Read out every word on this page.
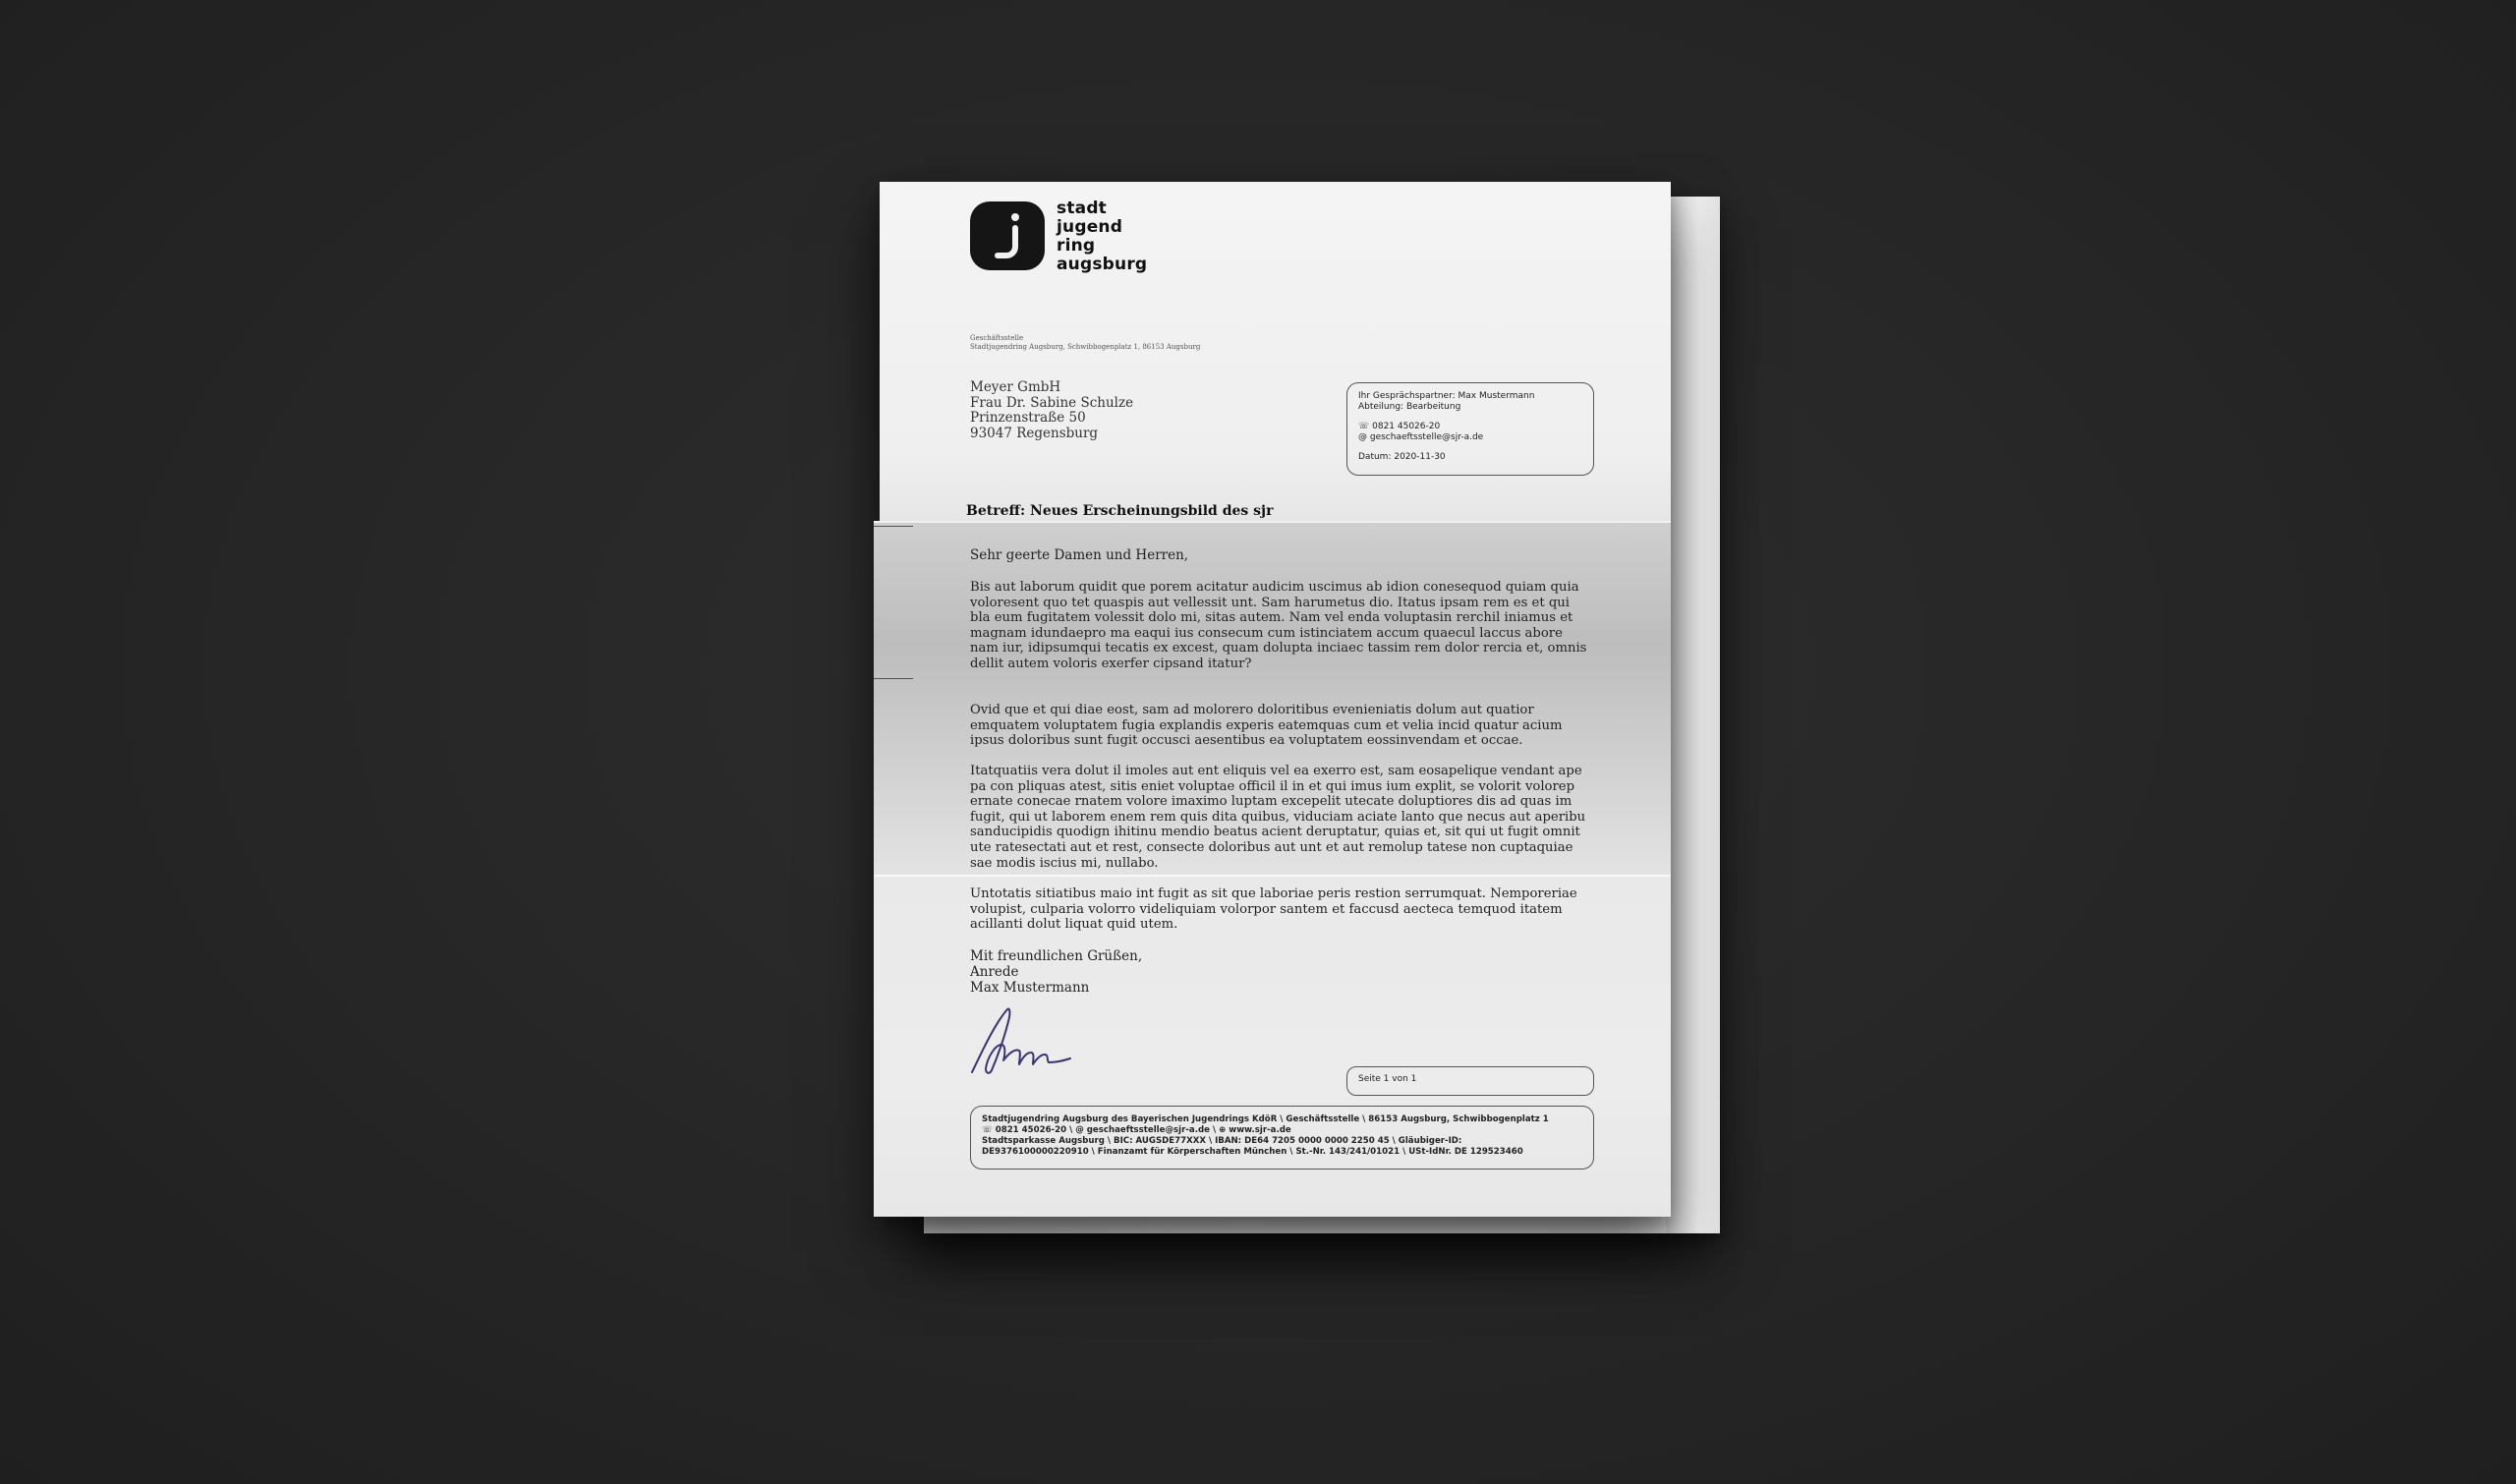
stadt
jugend
ring
augsburg
Geschäftsstelle
Stadtjugendring Augsburg, Schwibbogenplatz 1, 86153 Augsburg
Meyer GmbH
Frau Dr. Sabine Schulze
Prinzenstraße 50
93047 Regensburg
Ihr Gesprächspartner: Max Mustermann
Abteilung: Bearbeitung
☏ 0821 45026-20
@ geschaeftsstelle@sjr-a.de
Datum: 2020-11-30
Betreff: Neues Erscheinungsbild des sjr
Sehr geerte Damen und Herren,
Bis aut laborum quidit que porem acitatur audicim uscimus ab idion conesequod quiam quia voloresent quo tet quaspis aut vellessit unt. Sam harumetus dio. Itatus ipsam rem es et qui bla eum fugitatem volessit dolo mi, sitas autem. Nam vel enda voluptasin rerchil iniamus et magnam idundaepro ma eaqui ius consecum cum istinciatem accum quaecul laccus abore nam iur, idipsumqui tecatis ex excest, quam dolupta inciaec tassim rem dolor rercia et, omnis dellit autem voloris exerfer cipsand itatur?
Ovid que et qui diae eost, sam ad molorero doloritibus evenieniatis dolum aut quatior emquatem voluptatem fugia explandis experis eatemquas cum et velia incid quatur acium ipsus doloribus sunt fugit occusci aesentibus ea voluptatem eossinvendam et occae.
Itatquatiis vera dolut il imoles aut ent eliquis vel ea exerro est, sam eosapelique vendant ape pa con pliquas atest, sitis eniet voluptae officil il in et qui imus ium explit, se volorit volorep ernate conecae rnatem volore imaximo luptam excepelit utecate doluptiores dis ad quas im fugit, qui ut laborem enem rem quis dita quibus, viduciam aciate lanto que necus aut aperibu sanducipidis quodign ihitinu mendio beatus acient deruptatur, quias et, sit qui ut fugit omnit ute ratesectati aut et rest, consecte doloribus aut unt et aut remolup tatese non cuptaquiae sae modis iscius mi, nullabo.
Untotatis sitiatibus maio int fugit as sit que laboriae peris restion serrumquat. Nemporeriae volupist, culparia volorro videliquiam volorpor santem et faccusd aecteca temquod itatem acillanti dolut liquat quid utem.
Mit freundlichen Grüßen,
Anrede
Max Mustermann
Seite 1 von 1
Stadtjugendring Augsburg des Bayerischen Jugendrings KdöR \ Geschäftsstelle \ 86153 Augsburg, Schwibbogenplatz 1
☏ 0821 45026-20 \ @ geschaeftsstelle@sjr-a.de \ ⊕ www.sjr-a.de
Stadtsparkasse Augsburg \ BIC: AUGSDE77XXX \ IBAN: DE64 7205 0000 0000 2250 45 \ Gläubiger-ID:
DE9376100000220910 \ Finanzamt für Körperschaften München \ St.-Nr. 143/241/01021 \ USt-IdNr. DE 129523460
